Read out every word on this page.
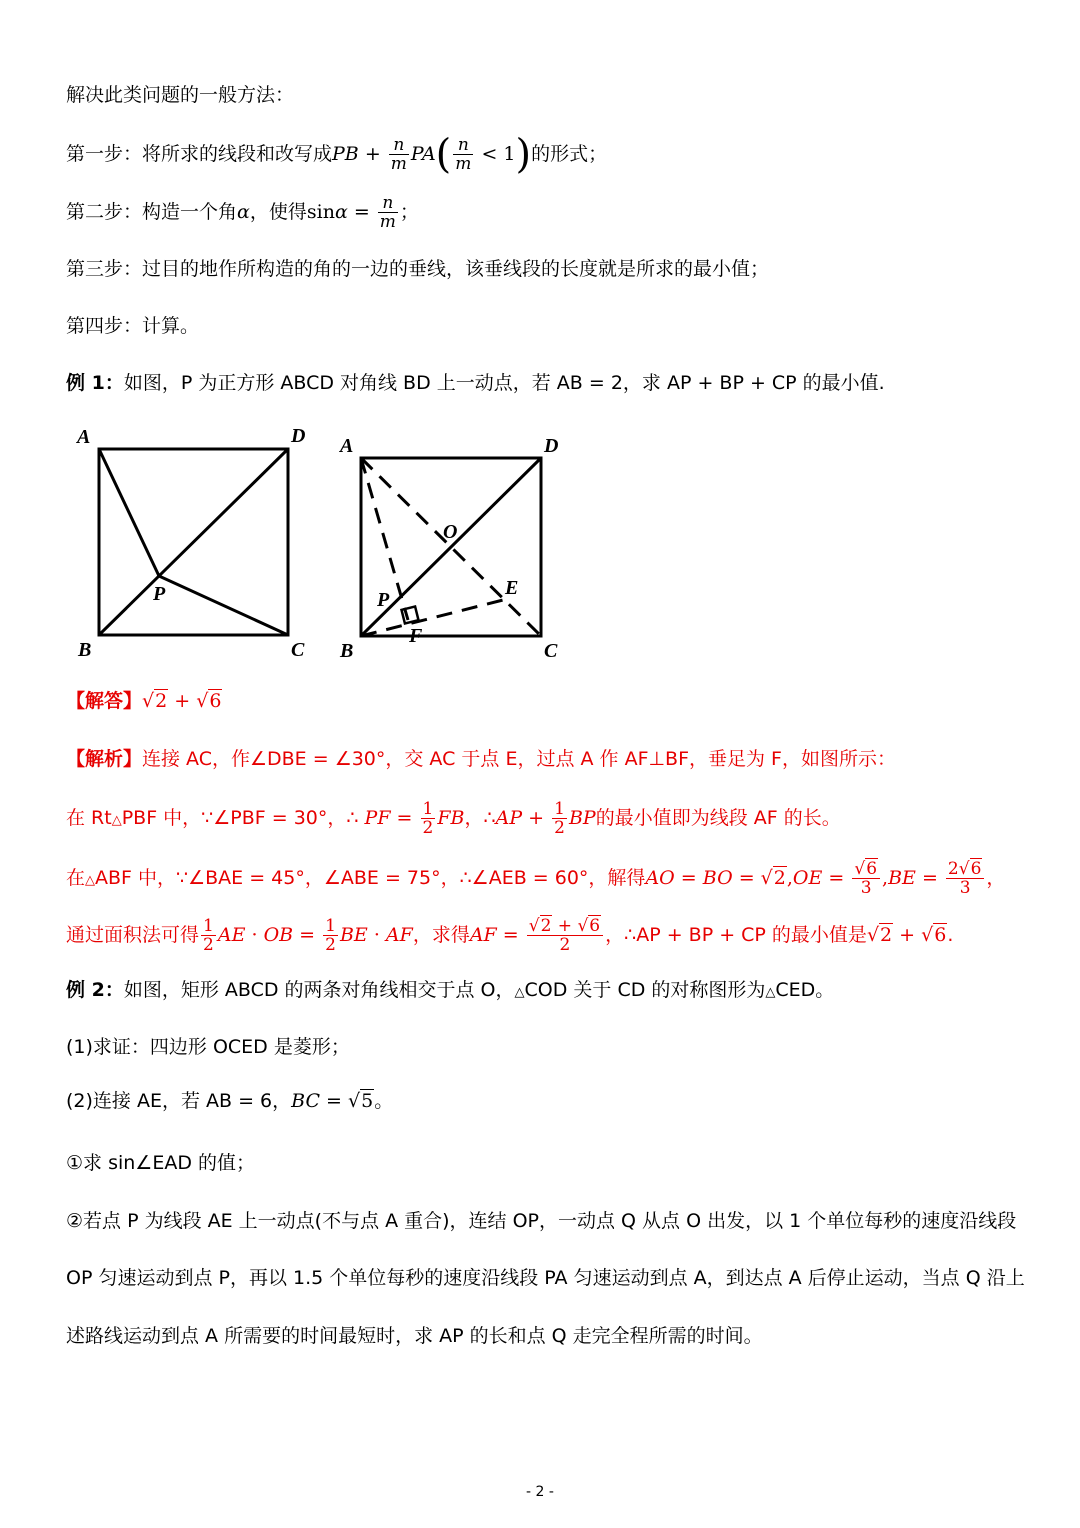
解决此类问题的一般方法：
第一步：将所求的线段和改写成PB + $\frac{n}{m} PA( \frac{n}{m} < 1)$的形式；
第二步：构造一个角α，使得$\sin\alpha = \frac{n}{m}$ ；
第三步：过目的地作所构造的角的一边的垂线，该垂线段的长度就是所求的最小值；
第四步：计算。
例 1：如图，P 为正方形 ABCD 对角线 BD 上一动点，若 AB = 2，求 AP + BP + CP 的最小值.
A	D
B	C
P
A	D
B	C
O
E
P
F
【解答】√2 + √6
【解析】连接 AC，作∠DBE = ∠30°，交 AC 于点 E，过点 A 作 AF⊥BF，垂足为 F，如图所示：
在 Rt△PBF 中，∵∠PBF = 30°，∴ PF = $\frac{1}{2}$ FB，∴AP + $\frac{1}{2}$ BP的最小值即为线段 AF 的长。
在△ABF 中，∵∠BAE = 45°，∠ABE = 75°，∴∠AEB = 60°，解得AO = BO = $√2,OE = \frac{√6}{3} ,BE = \frac{2√6}{3}$ ，
通过面积法可得 $\frac{1}{2}$ AE · OB = $\frac{1}{2}$ BE · AF，求得AF = $\frac{√2 + √6}{2}$ ，∴AP + BP + CP 的最小值是√2 + √6.
例 2：如图，矩形 ABCD 的两条对角线相交于点 O，△COD 关于 CD 的对称图形为△CED。
(1)求证：四边形 OCED 是菱形；
(2)连接 AE，若 AB = 6，BC = √5。
①求 sin∠EAD 的值；
②若点 P 为线段 AE 上一动点(不与点 A 重合)，连结 OP，一动点 Q 从点 O 出发，以 1 个单位每秒的速度沿线段
OP 匀速运动到点 P，再以 1.5 个单位每秒的速度沿线段 PA 匀速运动到点 A，到达点 A 后停止运动，当点 Q 沿上
述路线运动到点 A 所需要的时间最短时，求 AP 的长和点 Q 走完全程所需的时间。
- 2 -
